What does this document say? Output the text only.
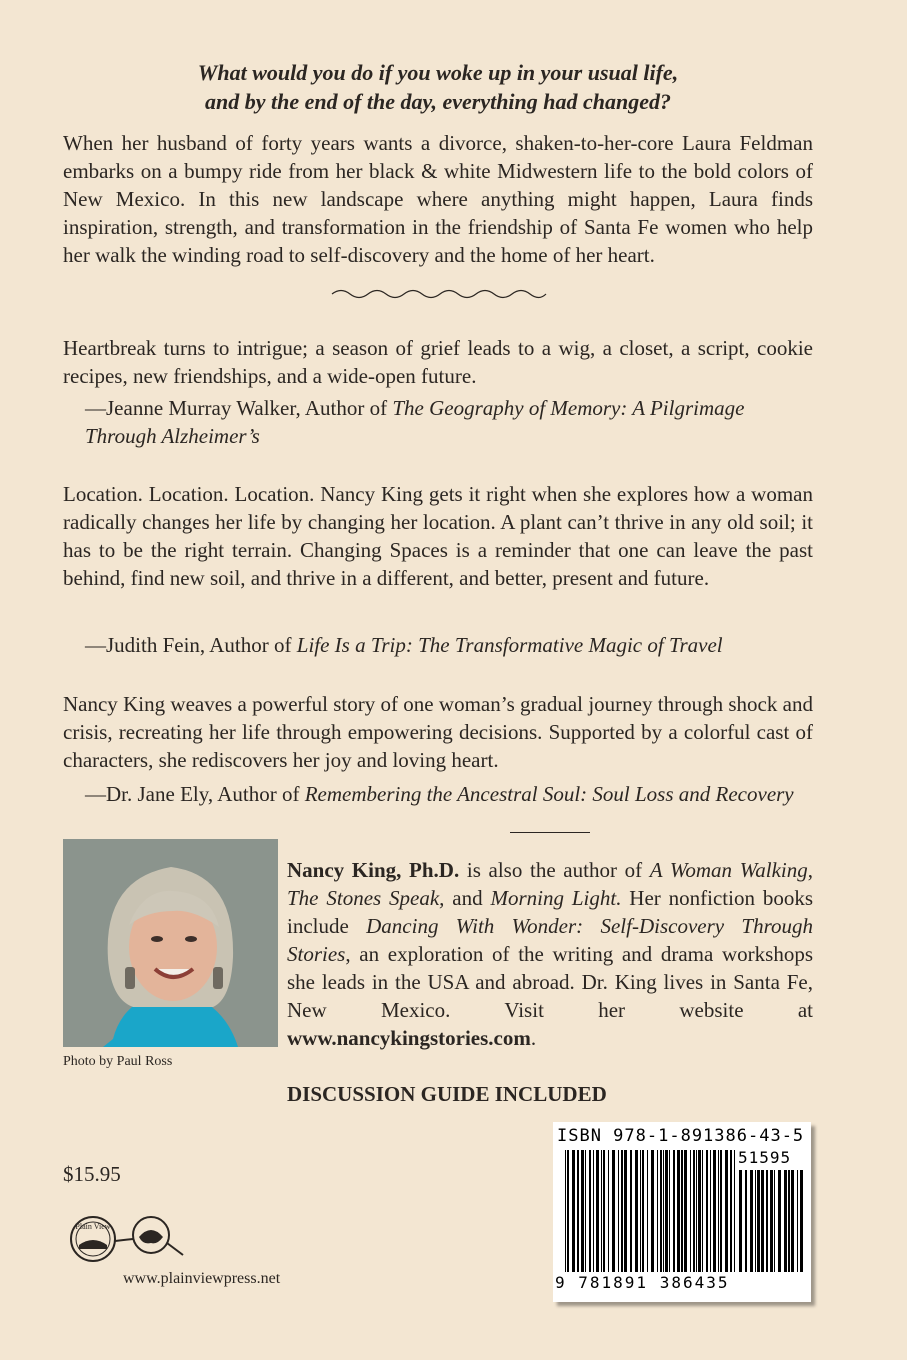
What would you do if you woke up in your usual life,
and by the end of the day, everything had changed?
When her husband of forty years wants a divorce, shaken-to-her-core Laura Feldman embarks on a bumpy ride from her black & white Midwestern life to the bold colors of New Mexico. In this new landscape where anything might happen, Laura finds inspiration, strength, and transformation in the friendship of Santa Fe women who help her walk the winding road to self-discovery and the home of her heart.
Heartbreak turns to intrigue; a season of grief leads to a wig, a closet, a script, cookie recipes, new friendships, and a wide-open future.
—Jeanne Murray Walker, Author of The Geography of Memory: A Pilgrimage Through Alzheimer’s
Location. Location. Location. Nancy King gets it right when she explores how a woman radically changes her life by changing her location. A plant can’t thrive in any old soil; it has to be the right terrain. Changing Spaces is a reminder that one can leave the past behind, find new soil, and thrive in a different, and better, present and future.
—Judith Fein, Author of Life Is a Trip: The Transformative Magic of Travel
Nancy King weaves a powerful story of one woman’s gradual journey through shock and crisis, recreating her life through empowering decisions. Supported by a colorful cast of characters, she rediscovers her joy and loving heart.
—Dr. Jane Ely, Author of Remembering the Ancestral Soul: Soul Loss and Recovery
Photo by Paul Ross
Nancy King, Ph.D. is also the author of A Woman Walking, The Stones Speak, and Morning Light. Her nonfiction books include Dancing With Wonder: Self-Discovery Through Stories, an exploration of the writing and drama workshops she leads in the USA and abroad. Dr. King lives in Santa Fe, New Mexico. Visit her website at www.nancykingstories.com.
DISCUSSION GUIDE INCLUDED
$15.95
Plain View
www.plainviewpress.net
ISBN 978-1-891386-43-5
51595
9 781891 386435
